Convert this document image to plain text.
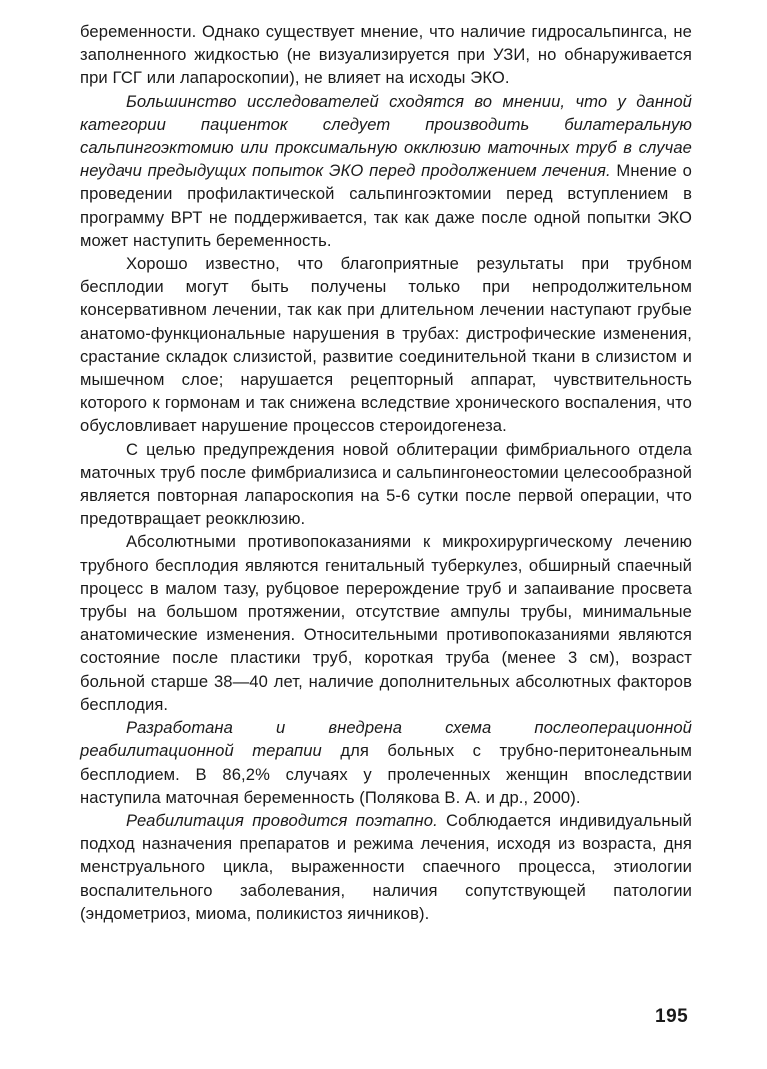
беременности. Однако существует мнение, что наличие гидросальпингса, не заполненного жидкостью (не визуализируется при УЗИ, но обнаруживается при ГСГ или лапароскопии), не влияет на исходы ЭКО.

Большинство исследователей сходятся во мнении, что у данной категории пациенток следует производить билатеральную сальпингоэктомию или проксимальную окклюзию маточных труб в случае неудачи предыдущих попыток ЭКО перед продолжением лечения. Мнение о проведении профилактической сальпингоэктомии перед вступлением в программу ВРТ не поддерживается, так как даже после одной попытки ЭКО может наступить беременность.

Хорошо известно, что благоприятные результаты при трубном бесплодии могут быть получены только при непродолжительном консервативном лечении, так как при длительном лечении наступают грубые анатомо-функциональные нарушения в трубах: дистрофические изменения, срастание складок слизистой, развитие соединительной ткани в слизистом и мышечном слое; нарушается рецепторный аппарат, чувствительность которого к гормонам и так снижена вследствие хронического воспаления, что обусловливает нарушение процессов стероидогенеза.

С целью предупреждения новой облитерации фимбриального отдела маточных труб после фимбриализиса и сальпингонеостомии целесообразной является повторная лапароскопия на 5-6 сутки после первой операции, что предотвращает реокклюзию.

Абсолютными противопоказаниями к микрохирургическому лечению трубного бесплодия являются генитальный туберкулез, обширный спаечный процесс в малом тазу, рубцовое перерождение труб и запаивание просвета трубы на большом протяжении, отсутствие ампулы трубы, минимальные анатомические изменения. Относительными противопоказаниями являются состояние после пластики труб, короткая труба (менее 3 см), возраст больной старше 38—40 лет, наличие дополнительных абсолютных факторов бесплодия.

Разработана и внедрена схема послеоперационной реабилитационной терапии для больных с трубно-перитонеальным бесплодием. В 86,2% случаях у пролеченных женщин впоследствии наступила маточная беременность (Полякова В. А. и др., 2000).

Реабилитация проводится поэтапно. Соблюдается индивидуальный подход назначения препаратов и режима лечения, исходя из возраста, дня менструального цикла, выраженности спаечного процесса, этиологии воспалительного заболевания, наличия сопутствующей патологии (эндометриоз, миома, поликистоз яичников).

195
